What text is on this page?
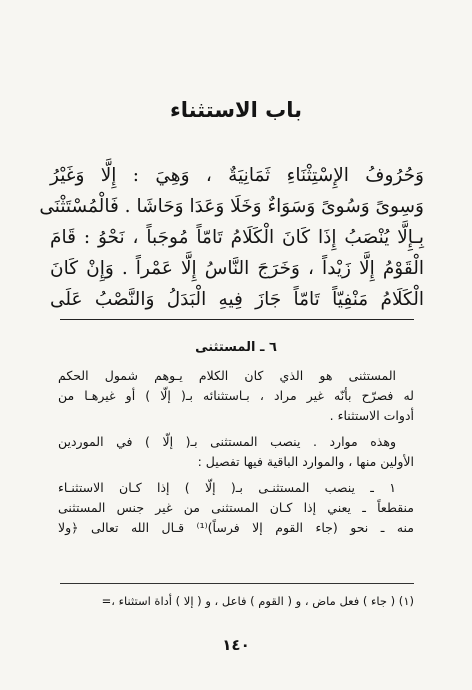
باب الاستثناء
وَحُرُوفُ الإِسْتِثْنَاءِ ثَمَانِيَةٌ ، وَهِيَ : إِلَّا وَغَيْرُ
وَسِوىً وَسُوىً وَسَوَاءٌ وَخَلَا وَعَدَا وَحَاشَا . فَالْمُسْتَثْنَى
بِـإِلَّا يُنْصَبُ إِذَا كَانَ الْكَلَامُ تَامّاً مُوجَباً ، نَحْوُ : قَامَ
الْقَوْمُ إِلَّا زَيْداً ، وَخَرَجَ النَّاسُ إِلَّا عَمْراً . وَإِنْ كَانَ
الْكَلَامُ مَنْفِيّاً تَامّاً جَازَ فِيهِ الْبَدَلُ وَالنَّصْبُ عَلَى
٦ ـ المستثنى
المستثنى هو الذي كان الكلام يـوهم شمول الحكم
له فصرّح بأنّه غير مراد ، بـاستثنائه بـ( إلّا ) أو غيرهـا من
أدوات الاستثناء .
وهذه موارد . ينصب المستثنى بـ( إلّا ) في الموردين
الأولين منها ، والموارد الباقية فيها تفصيل :
١ ـ ينصب المستثنـى بـ( إلّا ) إذا كـان الاستثنـاء
منقطعاً ـ يعني إذا كـان المستثنى من غير جنس المستثنى
منه ـ نحو (جاء القوم إلا فرساً)⁽¹⁾ قـال الله تعالى ﴿ولا
(١) ( جاء ) فعل ماض ، و ( القوم ) فاعل ، و ( إلا ) أداة استثناء ،=
١٤٠
